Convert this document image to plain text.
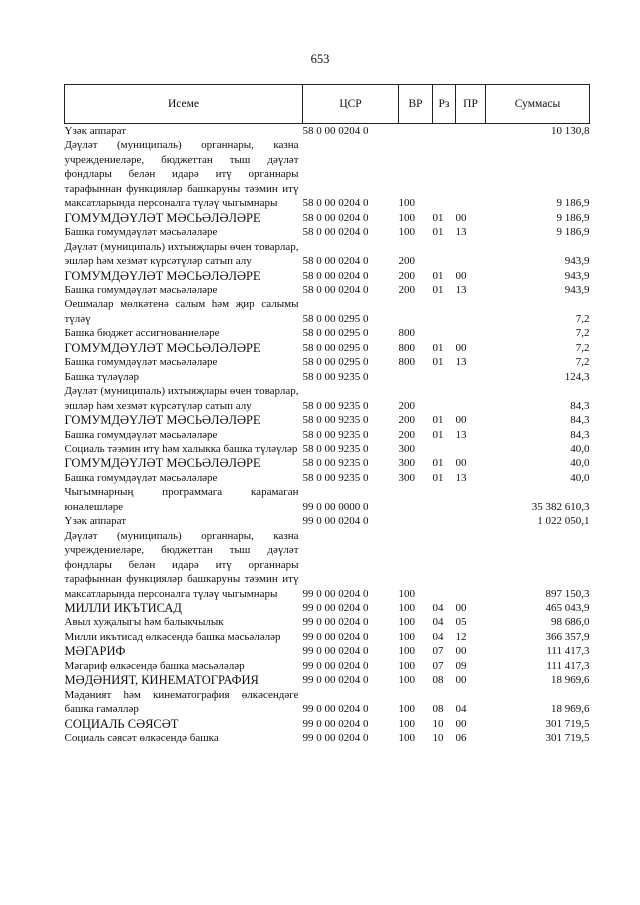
653
Исеме	ЦСР	ВР	Рз	ПР	Суммасы
Үзәк аппарат	58 0 00 0204 0				10 130,8
Дәүләт (муниципаль) органнары, казна учреждениеләре, бюджеттан тыш дәүләт фондлары белән идарә итү органнары тарафыннан функцияләр башкаруны тәэмин итү максатларында персоналга түләү чыгымнары	58 0 00 0204 0	100			9 186,9
ГОМУМДӘҮЛӘТ МӘСЬӘЛӘЛӘРЕ	58 0 00 0204 0	100	01	00	9 186,9
Башка гомумдәүләт мәсьәләләре	58 0 00 0204 0	100	01	13	9 186,9
Дәүләт (муниципаль) ихтыяҗлары өчен товарлар, эшләр һәм хезмәт күрсәтүләр сатып алу	58 0 00 0204 0	200			943,9
ГОМУМДӘҮЛӘТ МӘСЬӘЛӘЛӘРЕ	58 0 00 0204 0	200	01	00	943,9
Башка гомумдәүләт мәсьәләләре	58 0 00 0204 0	200	01	13	943,9
Оешмалар мөлкәтенә салым һәм җир салымы түләү	58 0 00 0295 0				7,2
Башка бюджет ассигнованиеләре	58 0 00 0295 0	800			7,2
ГОМУМДӘҮЛӘТ МӘСЬӘЛӘЛӘРЕ	58 0 00 0295 0	800	01	00	7,2
Башка гомумдәүләт мәсьәләләре	58 0 00 0295 0	800	01	13	7,2
Башка түләүләр	58 0 00 9235 0				124,3
Дәүләт (муниципаль) ихтыяҗлары өчен товарлар, эшләр һәм хезмәт күрсәтүләр сатып алу	58 0 00 9235 0	200			84,3
ГОМУМДӘҮЛӘТ МӘСЬӘЛӘЛӘРЕ	58 0 00 9235 0	200	01	00	84,3
Башка гомумдәүләт мәсьәләләре	58 0 00 9235 0	200	01	13	84,3
Социаль тәэмин итү һәм халыкка башка түләүләр	58 0 00 9235 0	300			40,0
ГОМУМДӘҮЛӘТ МӘСЬӘЛӘЛӘРЕ	58 0 00 9235 0	300	01	00	40,0
Башка гомумдәүләт мәсьәләләре	58 0 00 9235 0	300	01	13	40,0
Чыгымнарның программага карамаган юнәлешләре	99 0 00 0000 0				35 382 610,3
Үзәк аппарат	99 0 00 0204 0				1 022 050,1
Дәүләт (муниципаль) органнары, казна учреждениеләре, бюджеттан тыш дәүләт фондлары белән идарә итү органнары тарафыннан функцияләр башкаруны тәэмин итү максатларында персоналга түләү чыгымнары	99 0 00 0204 0	100			897 150,3
МИЛЛИ ИКЪТИСАД	99 0 00 0204 0	100	04	00	465 043,9
Авыл хуҗалыгы һәм балыкчылык	99 0 00 0204 0	100	04	05	98 686,0
Милли икътисад өлкәсендә башка мәсьәләләр	99 0 00 0204 0	100	04	12	366 357,9
МӘГАРИФ	99 0 00 0204 0	100	07	00	111 417,3
Мәгариф өлкәсендә башка мәсьәләләр	99 0 00 0204 0	100	07	09	111 417,3
МӘДӘНИЯТ, КИНЕМАТОГРАФИЯ	99 0 00 0204 0	100	08	00	18 969,6
Мәдәният һәм кинематография өлкәсендәге башка гамәлләр	99 0 00 0204 0	100	08	04	18 969,6
СОЦИАЛЬ СӘЯСӘТ	99 0 00 0204 0	100	10	00	301 719,5
Социаль сәясәт өлкәсендә башка	99 0 00 0204 0	100	10	06	301 719,5
